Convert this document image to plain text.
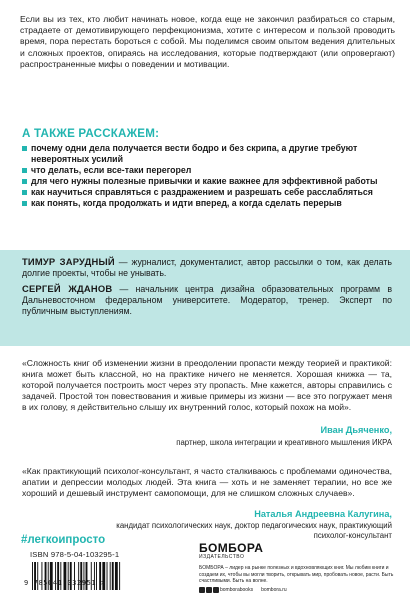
Если вы из тех, кто любит начинать новое, когда еще не закончил разбираться со старым, страдаете от демотивирующего перфекционизма, хотите с интересом и пользой проводить время, пора перестать бороться с собой. Мы поделимся своим опытом ведения длительных и сложных проектов, опираясь на исследования, которые подтверждают (или опровергают) распространенные мифы о поведении и мотивации.
А ТАКЖЕ РАССКАЖЕМ:
почему одни дела получается вести бодро и без скрипа, а другие требуют невероятных усилий
что делать, если все-таки перегорел
для чего нужны полезные привычки и какие важнее для эффективной работы
как научиться справляться с раздражением и разрешать себе расслабляться
как понять, когда продолжать и идти вперед, а когда сделать перерыв

ТИМУР ЗАРУДНЫЙ — журналист, документалист, автор рассылки о том, как делать долгие проекты, чтобы не унывать.

СЕРГЕЙ ЖДАНОВ — начальник центра дизайна образовательных программ в Дальневосточном федеральном университете. Модератор, тренер. Эксперт по публичным выступлениям.

«Сложность книг об изменении жизни в преодолении пропасти между теорией и практикой: книга может быть классной, но на практике ничего не меняется. Хорошая книжка — та, которой получается построить мост через эту пропасть. Мне кажется, авторы справились с задачей. Простой тон повествования и живые примеры из жизни — все это погружает меня в их голову, я действительно слышу их внутренний голос, который похож на мой».
Иван Дьяченко,
партнер, школа интеграции и креативного мышления ИКРА
«Как практикующий психолог-консультант, я часто сталкиваюсь с проблемами одиночества, апатии и депрессии молодых людей. Эта книга — хоть и не заменяет терапии, но все же хороший и дешевый инструмент самопомощи, для не слишком сложных случаев».
Наталья Андреевна Калугина,
кандидат психологических наук, доктор педагогических наук, практикующий психолог-консультант
#легкоипросто
ISBN 978-5-04-103295-1
9 785041 032951 >
БОМБОРА
ИЗДАТЕЛЬСТВО
БОМБОРА – лидер на рынке полезных и вдохновляющих книг. Мы любим книги и создаем их, чтобы вы могли творить, открывать мир, пробовать новое, расти. Быть счастливыми. Быть на волне.
bomborabooks bombora.ru
